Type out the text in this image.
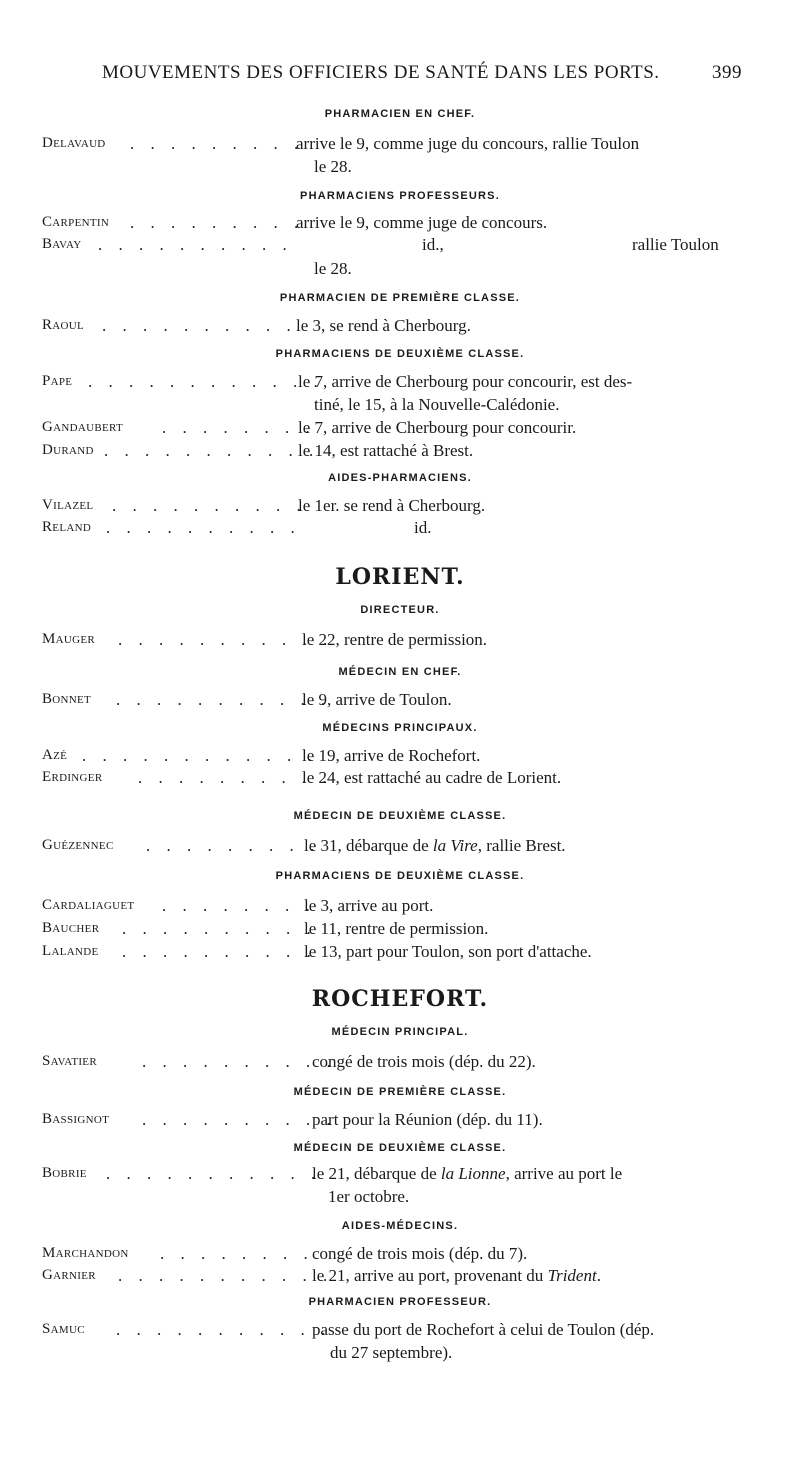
MOUVEMENTS DES OFFICIERS DE SANTÉ DANS LES PORTS.	399
PHARMACIEN EN CHEF.
Delavaud . . . . . . . . .
arrive le 9, comme juge du concours, rallie Toulon
le 28.
PHARMACIENS PROFESSEURS.
Carpentin . . . . . . . . .
arrive le 9, comme juge de concours.
Bavay . . . . . . . . . .	id.,	rallie Toulon
le 28.
PHARMACIEN DE PREMIÈRE CLASSE.
Raoul . . . . . . . . . . le 3, se rend à Cherbourg.
PHARMACIENS DE DEUXIÈME CLASSE.
Pape . . . . . . . . . . . .
le 7, arrive de Cherbourg pour concourir, est des-
tiné, le 15, à la Nouvelle-Calédonie.
Gandaubert . . . . . . . .
le 7, arrive de Cherbourg pour concourir.
Durand . . . . . . . . . . .
le 14, est rattaché à Brest.
AIDES-PHARMACIENS.
Vilazel . . . . . . . . . .
le 1er. se rend à Cherbourg.
Reland . . . . . . . . . .	id.
LORIENT.
DIRECTEUR.
Mauger . . . . . . . . . . .
le 22, rentre de permission.
MÉDECIN EN CHEF.
Bonnet . . . . . . . . . . .
le 9, arrive de Toulon.
MÉDECINS PRINCIPAUX.
Azé . . . . . . . . . . . .
le 19, arrive de Rochefort.
Erdinger . . . . . . . . . .
le 24, est rattaché au cadre de Lorient.
MÉDECIN DE DEUXIÈME CLASSE.
Guézennec . . . . . . . . .
le 31, débarque de la Vire, rallie Brest.
PHARMACIENS DE DEUXIÈME CLASSE.
Cardaliaguet . . . . . . . .
le 3, arrive au port.
Baucher . . . . . . . . . .
le 11, rentre de permission.
Lalande . . . . . . . . . .
le 13, part pour Toulon, son port d'attache.
ROCHEFORT.
MÉDECIN PRINCIPAL.
Savatier	. . . . . . . . . .
congé de trois mois (dép. du 22).
MÉDECIN DE PREMIÈRE CLASSE.
Bassignot . . . . . . . . . .
part pour la Réunion (dép. du 11).
MÉDECIN DE DEUXIÈME CLASSE.
Bobrie . . . . . . . . . . .
le 21, débarque de la Lionne, arrive au port le
1er octobre.
AIDES-MÉDECINS.
Marchandon . . . . . . . .
congé de trois mois (dép. du 7).
Garnier . . . . . . . . . . .
le 21, arrive au port, provenant du Trident.
PHARMACIEN PROFESSEUR.
Samuc . . . . . . . . . . .
passe du port de Rochefort à celui de Toulon (dép.
du 27 septembre).
